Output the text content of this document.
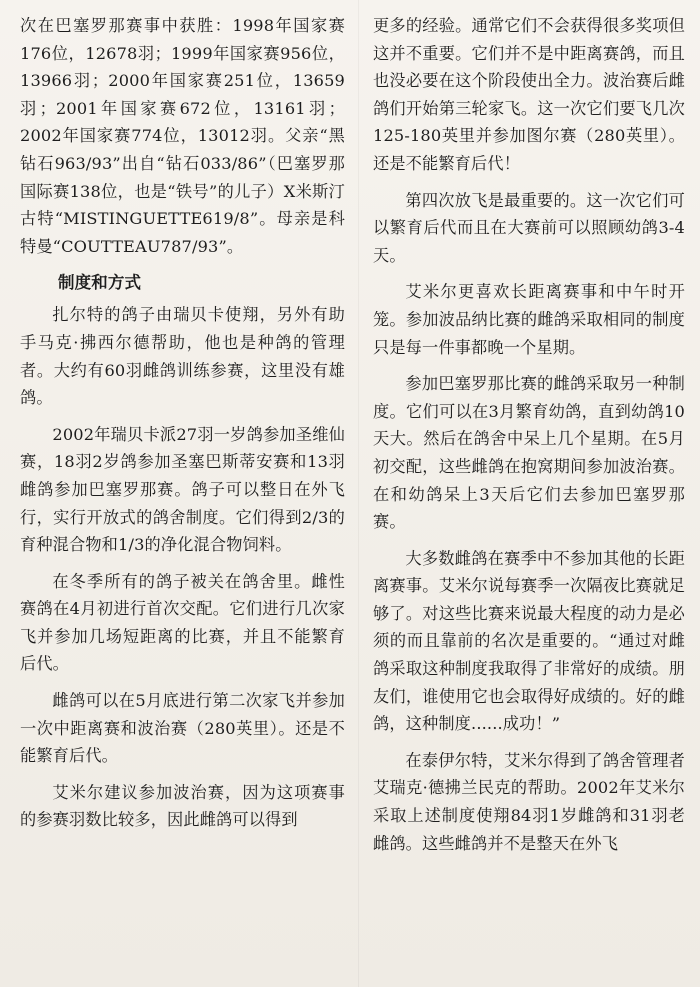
次在巴塞罗那赛事中获胜：1998年国家赛176位，12678羽；1999年国家赛956位，13966羽；2000年国家赛251位，13659羽；2001年国家赛672位，13161羽；2002年国家赛774位，13012羽。父亲“黑钻石963/93”出自“钻石033/86”（巴塞罗那国际赛138位，也是“铁号”的儿子）X米斯汀古特“MISTINGUETTE619/8”。母亲是科特曼“COUTTEAU787/93”。

制度和方式

扎尔特的鸽子由瑞贝卡使翔，另外有助手马克·拂西尔德帮助，他也是种鸽的管理者。大约有60羽雌鸽训练参赛，这里没有雄鸽。

2002年瑞贝卡派27羽一岁鸽参加圣维仙赛，18羽2岁鸽参加圣塞巴斯蒂安赛和13羽雌鸽参加巴塞罗那赛。鸽子可以整日在外飞行，实行开放式的鸽舍制度。它们得到2/3的育种混合物和1/3的净化混合物饲料。

在冬季所有的鸽子被关在鸽舍里。雌性赛鸽在4月初进行首次交配。它们进行几次家飞并参加几场短距离的比赛，并且不能繁育后代。

雌鸽可以在5月底进行第二次家飞并参加一次中距离赛和波治赛（280英里）。还是不能繁育后代。

艾米尔建议参加波治赛，因为这项赛事的参赛羽数比较多，因此雌鸽可以得到

更多的经验。通常它们不会获得很多奖项但这并不重要。它们并不是中距离赛鸽，而且也没必要在这个阶段使出全力。波治赛后雌鸽们开始第三轮家飞。这一次它们要飞几次125-180英里并参加图尔赛（280英里）。还是不能繁育后代！

第四次放飞是最重要的。这一次它们可以繁育后代而且在大赛前可以照顾幼鸽3-4天。

艾米尔更喜欢长距离赛事和中午时开笼。参加波品纳比赛的雌鸽采取相同的制度只是每一件事都晚一个星期。

参加巴塞罗那比赛的雌鸽采取另一种制度。它们可以在3月繁育幼鸽，直到幼鸽10天大。然后在鸽舍中呆上几个星期。在5月初交配，这些雌鸽在抱窝期间参加波治赛。在和幼鸽呆上3天后它们去参加巴塞罗那赛。

大多数雌鸽在赛季中不参加其他的长距离赛事。艾米尔说每赛季一次隔夜比赛就足够了。对这些比赛来说最大程度的动力是必须的而且靠前的名次是重要的。“通过对雌鸽采取这种制度我取得了非常好的成绩。朋友们，谁使用它也会取得好成绩的。好的雌鸽，这种制度......成功！”

在泰伊尔特，艾米尔得到了鸽舍管理者艾瑞克·德拂兰民克的帮助。2002年艾米尔采取上述制度使翔84羽1岁雌鸽和31羽老雌鸽。这些雌鸽并不是整天在外飞
